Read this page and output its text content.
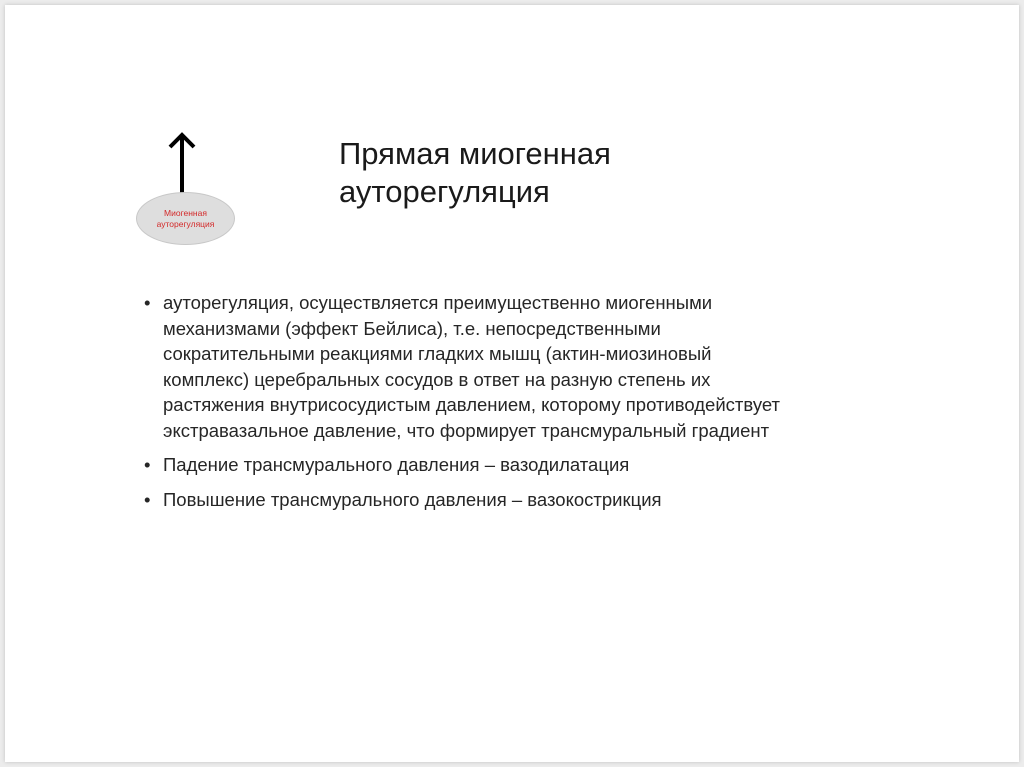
Миогенная
ауторегуляция
Прямая миогенная
ауторегуляция
• ауторегуляция, осуществляется преимущественно миогенными
механизмами (эффект Бейлиса), т.е. непосредственными
сократительными реакциями гладких мышц (актин-миозиновый
комплекс) церебральных сосудов в ответ на разную степень их
растяжения внутрисосудистым давлением, которому противодействует
экстравазальное давление, что формирует трансмуральный градиент
• Падение трансмурального давления – вазодилатация
• Повышение трансмурального давления – вазокострикция
